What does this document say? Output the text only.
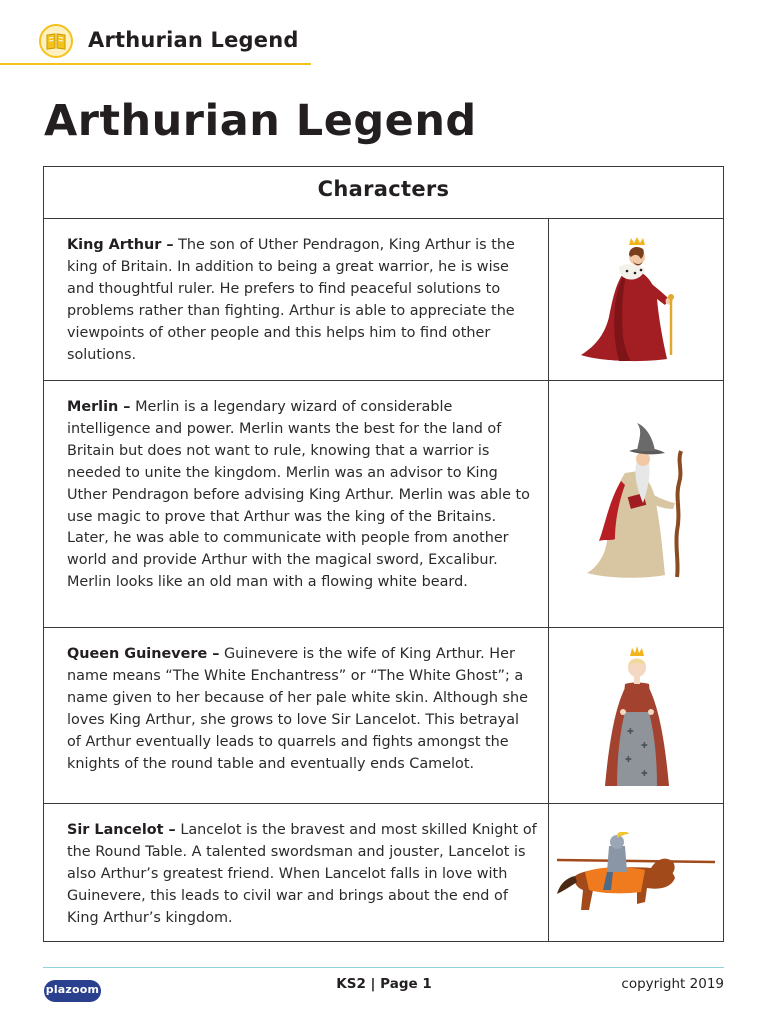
Arthurian Legend
Arthurian Legend
Characters

King Arthur – The son of Uther Pendragon, King Arthur is the king of Britain. In addition to being a great warrior, he is wise and thoughtful ruler. He prefers to find peaceful solutions to problems rather than fighting. Arthur is able to appreciate the viewpoints of other people and this helps him to find other solutions.

Merlin – Merlin is a legendary wizard of considerable intelligence and power. Merlin wants the best for the land of Britain but does not want to rule, knowing that a warrior is needed to unite the kingdom. Merlin was an advisor to King Uther Pendragon before advising King Arthur. Merlin was able to use magic to prove that Arthur was the king of the Britains. Later, he was able to communicate with people from another world and provide Arthur with the magical sword, Excalibur. Merlin looks like an old man with a flowing white beard.

Queen Guinevere – Guinevere is the wife of King Arthur. Her name means “The White Enchantress” or “The White Ghost”; a name given to her because of her pale white skin. Although she loves King Arthur, she grows to love Sir Lancelot. This betrayal of Arthur eventually leads to quarrels and fights amongst the knights of the round table and eventually ends Camelot.

✚
✚
✚
✚

Sir Lancelot – Lancelot is the bravest and most skilled Knight of the Round Table. A talented swordsman and jouster, Lancelot is also Arthur’s greatest friend. When Lancelot falls in love with Guinevere, this leads to civil war and brings about the end of King Arthur’s kingdom.

plazoom	KS2 | Page 1	copyright 2019
